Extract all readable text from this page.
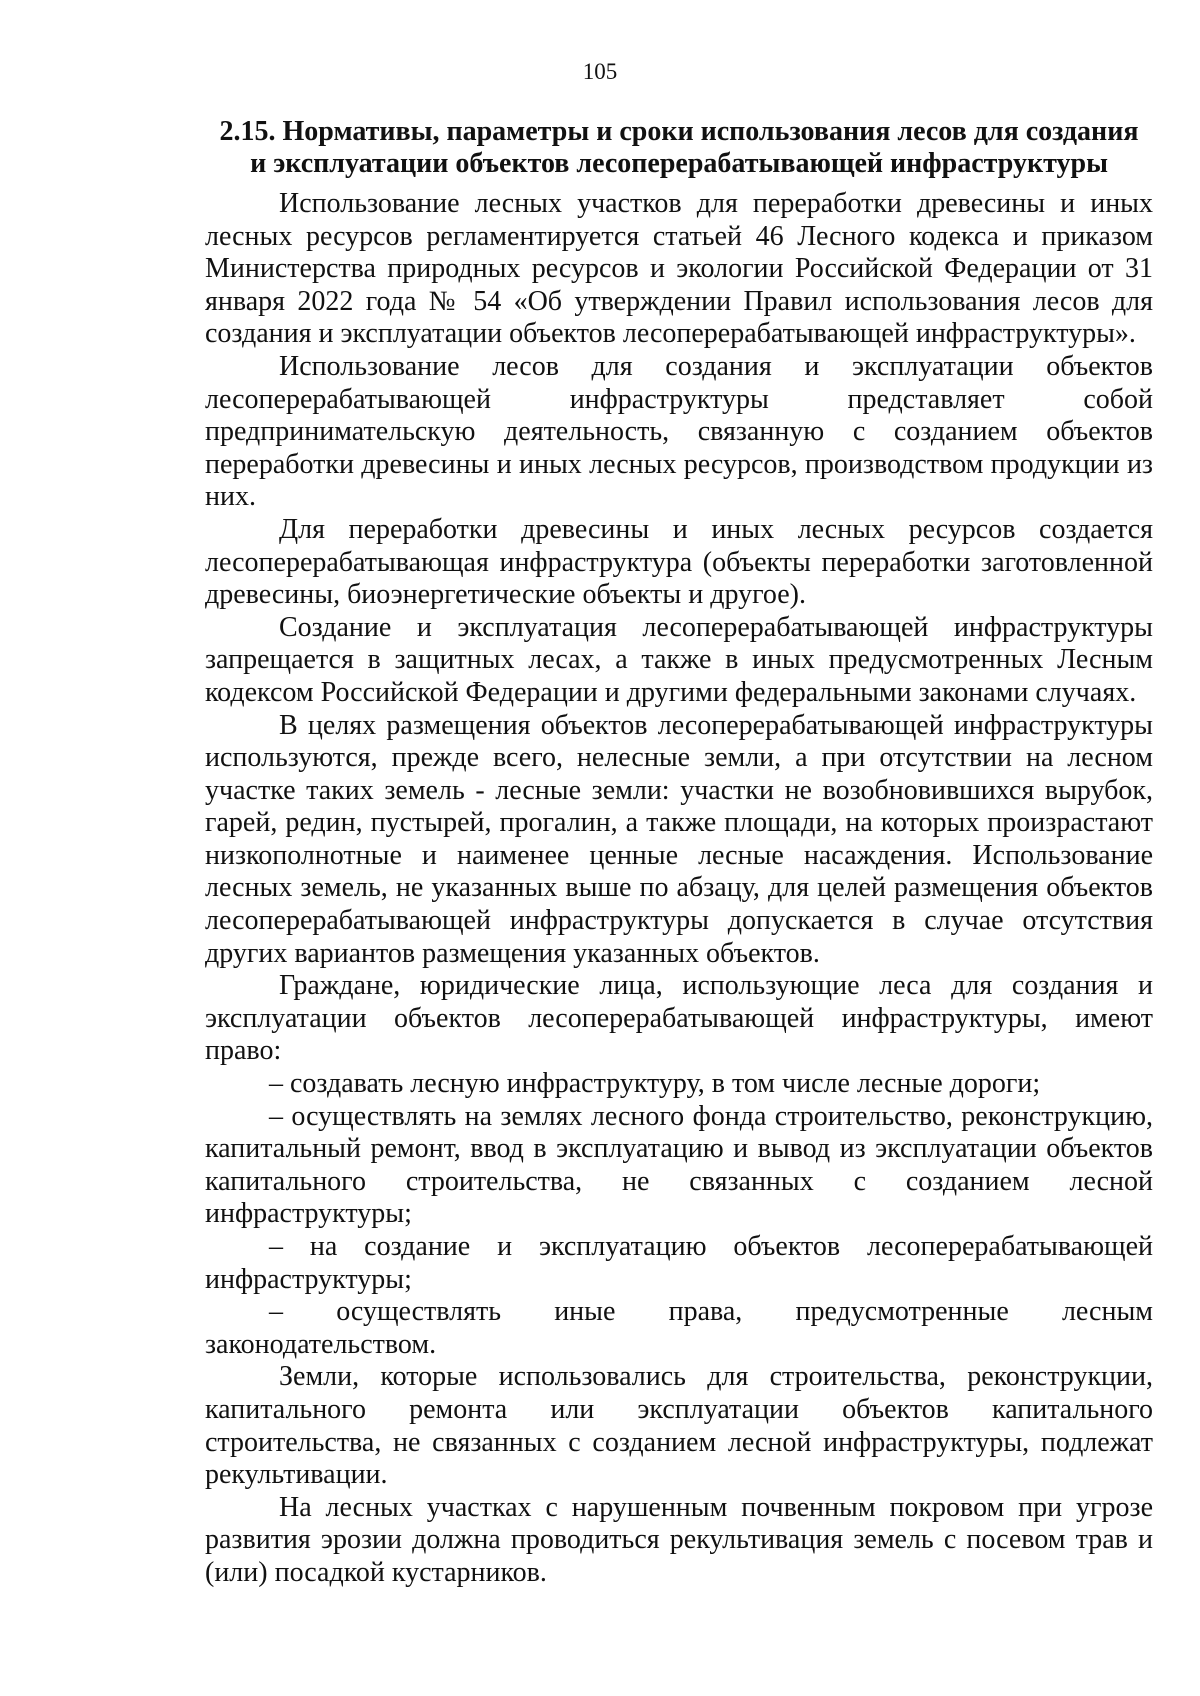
105
2.15. Нормативы, параметры и сроки использования лесов для создания
и эксплуатации объектов лесоперерабатывающей инфраструктуры

Использование лесных участков для переработки древесины и иных лесных ресурсов регламентируется статьей 46 Лесного кодекса и приказом Министерства природных ресурсов и экологии Российской Федерации от 31 января 2022 года № 54 «Об утверждении Правил использования лесов для создания и эксплуатации объектов лесоперерабатывающей инфраструктуры».

Использование лесов для создания и эксплуатации объектов лесоперерабатывающей инфраструктуры представляет собой предпринимательскую деятельность, связанную с созданием объектов переработки древесины и иных лесных ресурсов, производством продукции из них.

Для переработки древесины и иных лесных ресурсов создается лесоперерабатывающая инфраструктура (объекты переработки заготовленной древесины, биоэнергетические объекты и другое).

Создание и эксплуатация лесоперерабатывающей инфраструктуры запрещается в защитных лесах, а также в иных предусмотренных Лесным кодексом Российской Федерации и другими федеральными законами случаях.

В целях размещения объектов лесоперерабатывающей инфраструктуры используются, прежде всего, нелесные земли, а при отсутствии на лесном участке таких земель - лесные земли: участки не возобновившихся вырубок, гарей, редин, пустырей, прогалин, а также площади, на которых произрастают низкополнотные и наименее ценные лесные насаждения. Использование лесных земель, не указанных выше по абзацу, для целей размещения объектов лесоперерабатывающей инфраструктуры допускается в случае отсутствия других вариантов размещения указанных объектов.

Граждане, юридические лица, использующие леса для создания и эксплуатации объектов лесоперерабатывающей инфраструктуры, имеют право:

– создавать лесную инфраструктуру, в том числе лесные дороги;

– осуществлять на землях лесного фонда строительство, реконструкцию, капитальный ремонт, ввод в эксплуатацию и вывод из эксплуатации объектов капитального строительства, не связанных с созданием лесной инфраструктуры;

– на создание и эксплуатацию объектов лесоперерабатывающей инфраструктуры;

– осуществлять иные права, предусмотренные лесным законодательством.

Земли, которые использовались для строительства, реконструкции, капитального ремонта или эксплуатации объектов капитального строительства, не связанных с созданием лесной инфраструктуры, подлежат рекультивации.

На лесных участках с нарушенным почвенным покровом при угрозе развития эрозии должна проводиться рекультивация земель с посевом трав и (или) посадкой кустарников.
